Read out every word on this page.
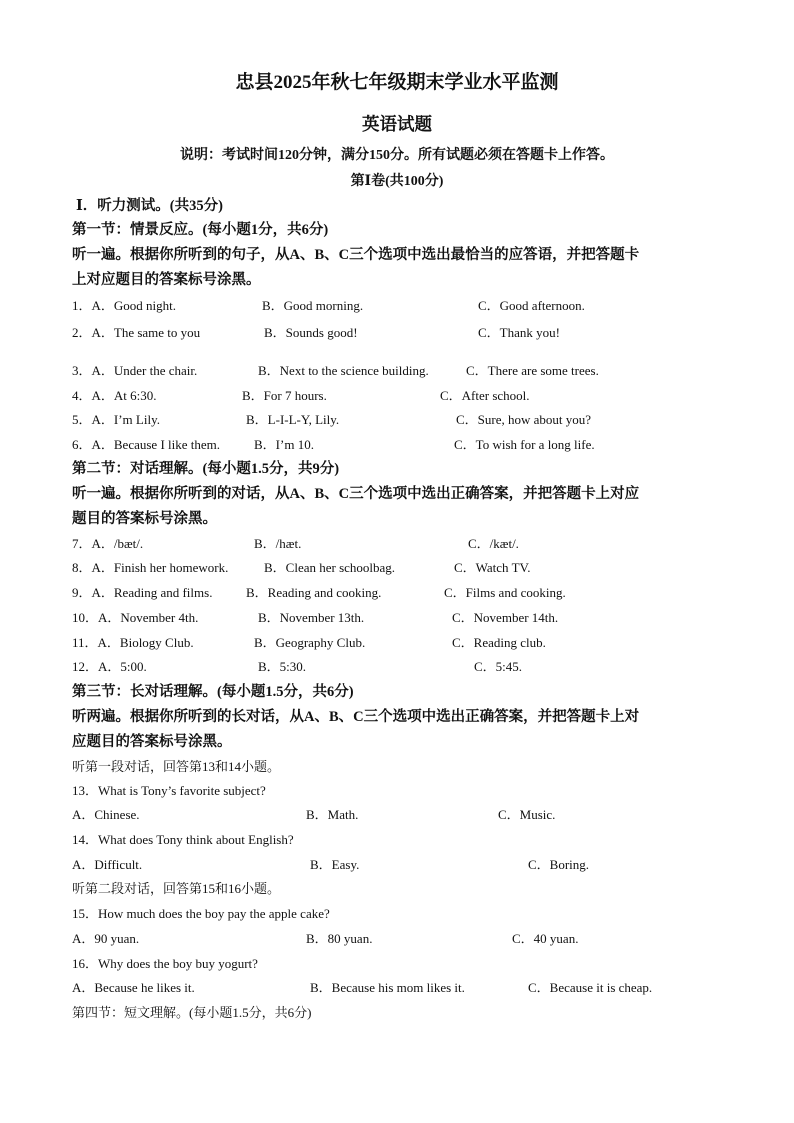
忠县2025年秋七年级期末学业水平监测
英语试题
说明：考试时间120分钟，满分150分。所有试题必须在答题卡上作答。
第Ⅰ卷(共100分)
Ⅰ．听力测试。(共35分)
第一节：情景反应。(每小题1分，共6分)
听一遍。根据你所听到的句子，从A、B、C三个选项中选出最恰当的应答语，并把答题卡
上对应题目的答案标号涂黑。
1．A．Good night.	B．Good morning.	C．Good afternoon.
2．A．The same to you	B．Sounds good!	C．Thank you!
3．A．Under the chair.	B．Next to the science building.	C．There are some trees.
4．A．At 6:30.	B．For 7 hours.	C．After school.
5．A．I’m Lily.	B．L-I-L-Y, Lily.	C．Sure, how about you?
6．A．Because I like them.	B．I’m 10.	C．To wish for a long life.
第二节：对话理解。(每小题1.5分，共9分)
听一遍。根据你所听到的对话，从A、B、C三个选项中选出正确答案，并把答题卡上对应
题目的答案标号涂黑。
7．A．/bæt/.	B．/hæt.	C．/kæt/.
8．A．Finish her homework.	B．Clean her schoolbag.	C．Watch TV.
9．A．Reading and films.	B．Reading and cooking.	C．Films and cooking.
10．A．November 4th.	B．November 13th.	C．November 14th.
11．A．Biology Club.	B．Geography Club.	C．Reading club.
12．A．5:00.	B．5:30.	C．5:45.
第三节：长对话理解。(每小题1.5分，共6分)
听两遍。根据你所听到的长对话，从A、B、C三个选项中选出正确答案，并把答题卡上对
应题目的答案标号涂黑。
听第一段对话，回答第13和14小题。
13．What is Tony’s favorite subject?
A．Chinese.	B．Math.	C．Music.
14．What does Tony think about English?
A．Difficult.	B．Easy.	C．Boring.
听第二段对话，回答第15和16小题。
15．How much does the boy pay the apple cake?
A．90 yuan.	B．80 yuan.	C．40 yuan.
16．Why does the boy buy yogurt?
A．Because he likes it.	B．Because his mom likes it.	C．Because it is cheap.
第四节：短文理解。(每小题1.5分，共6分)
